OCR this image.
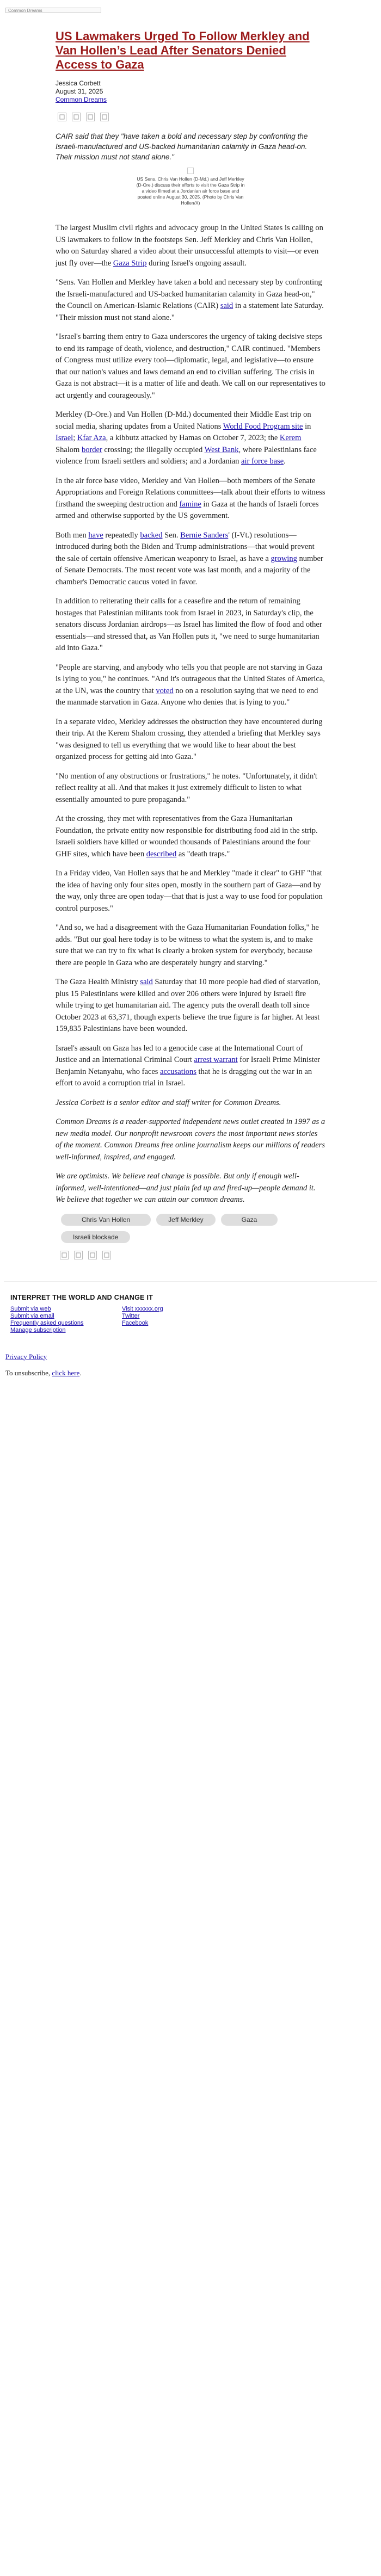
Common Dreams
US Lawmakers Urged To Follow Merkley and Van Hollen’s Lead After Senators Denied Access to Gaza

Jessica Corbett
August 31, 2025
Common Dreams

CAIR said that they "have taken a bold and necessary step by confronting the Israeli-manufactured and US-backed humanitarian calamity in Gaza head-on. Their mission must not stand alone."

US Sens. Chris Van Hollen (D-Md.) and Jeff Merkley (D-Ore.) discuss their efforts to visit the Gaza Strip in a video filmed at a Jordanian air force base and posted online August 30, 2025. (Photo by Chris Van Hollen/X)

The largest Muslim civil rights and advocacy group in the United States is calling on US lawmakers to follow in the footsteps Sen. Jeff Merkley and Chris Van Hollen, who on Saturday shared a video about their unsuccessful attempts to visit—or even just fly over—the Gaza Strip during Israel's ongoing assault.

"Sens. Van Hollen and Merkley have taken a bold and necessary step by confronting the Israeli-manufactured and US-backed humanitarian calamity in Gaza head-on," the Council on American-Islamic Relations (CAIR) said in a statement late Saturday. "Their mission must not stand alone."

"Israel's barring them entry to Gaza underscores the urgency of taking decisive steps to end its rampage of death, violence, and destruction," CAIR continued. "Members of Congress must utilize every tool—diplomatic, legal, and legislative—to ensure that our nation's values and laws demand an end to civilian suffering. The crisis in Gaza is not abstract—it is a matter of life and death. We call on our representatives to act urgently and courageously."

Merkley (D-Ore.) and Van Hollen (D-Md.) documented their Middle East trip on social media, sharing updates from a United Nations World Food Program site in Israel; Kfar Aza, a kibbutz attacked by Hamas on October 7, 2023; the Kerem Shalom border crossing; the illegally occupied West Bank, where Palestinians face violence from Israeli settlers and soldiers; and a Jordanian air force base.

In the air force base video, Merkley and Van Hollen—both members of the Senate Appropriations and Foreign Relations committees—talk about their efforts to witness firsthand the sweeping destruction and famine in Gaza at the hands of Israeli forces armed and otherwise supported by the US government.

Both men have repeatedly backed Sen. Bernie Sanders' (I-Vt.) resolutions—introduced during both the Biden and Trump administrations—that would prevent the sale of certain offensive American weaponry to Israel, as have a growing number of Senate Democrats. The most recent vote was last month, and a majority of the chamber's Democratic caucus voted in favor.

In addition to reiterating their calls for a ceasefire and the return of remaining hostages that Palestinian militants took from Israel in 2023, in Saturday's clip, the senators discuss Jordanian airdrops—as Israel has limited the flow of food and other essentials—and stressed that, as Van Hollen puts it, "we need to surge humanitarian aid into Gaza."

"People are starving, and anybody who tells you that people are not starving in Gaza is lying to you," he continues. "And it's outrageous that the United States of America, at the UN, was the country that voted no on a resolution saying that we need to end the manmade starvation in Gaza. Anyone who denies that is lying to you."

In a separate video, Merkley addresses the obstruction they have encountered during their trip. At the Kerem Shalom crossing, they attended a briefing that Merkley says "was designed to tell us everything that we would like to hear about the best organized process for getting aid into Gaza."

"No mention of any obstructions or frustrations," he notes. "Unfortunately, it didn't reflect reality at all. And that makes it just extremely difficult to listen to what essentially amounted to pure propaganda."

At the crossing, they met with representatives from the Gaza Humanitarian Foundation, the private entity now responsible for distributing food aid in the strip. Israeli soldiers have killed or wounded thousands of Palestinians around the four GHF sites, which have been described as "death traps."

In a Friday video, Van Hollen says that he and Merkley "made it clear" to GHF "that the idea of having only four sites open, mostly in the southern part of Gaza—and by the way, only three are open today—that that is just a way to use food for population control purposes."

"And so, we had a disagreement with the Gaza Humanitarian Foundation folks," he adds. "But our goal here today is to be witness to what the system is, and to make sure that we can try to fix what is clearly a broken system for everybody, because there are people in Gaza who are desperately hungry and starving."

The Gaza Health Ministry said Saturday that 10 more people had died of starvation, plus 15 Palestinians were killed and over 206 others were injured by Israeli fire while trying to get humanitarian aid. The agency puts the overall death toll since October 2023 at 63,371, though experts believe the true figure is far higher. At least 159,835 Palestinians have been wounded.

Israel's assault on Gaza has led to a genocide case at the International Court of Justice and an International Criminal Court arrest warrant for Israeli Prime Minister Benjamin Netanyahu, who faces accusations that he is dragging out the war in an effort to avoid a corruption trial in Israel.

Jessica Corbett is a senior editor and staff writer for Common Dreams.

Common Dreams is a reader-supported independent news outlet created in 1997 as a new media model. Our nonprofit newsroom covers the most important news stories of the moment. Common Dreams free online journalism keeps our millions of readers well-informed, inspired, and engaged.

We are optimists. We believe real change is possible. But only if enough well-informed, well-intentioned—and just plain fed up and fired-up—people demand it. We believe that together we can attain our common dreams.

Chris Van Hollen	Jeff Merkley	Gaza
Israeli blockade
INTERPRET THE WORLD AND CHANGE IT
Submit via web
Submit via email
Frequently asked questions
Manage subscription
Visit xxxxxx.org
Twitter
Facebook

Privacy Policy

To unsubscribe, click here.
